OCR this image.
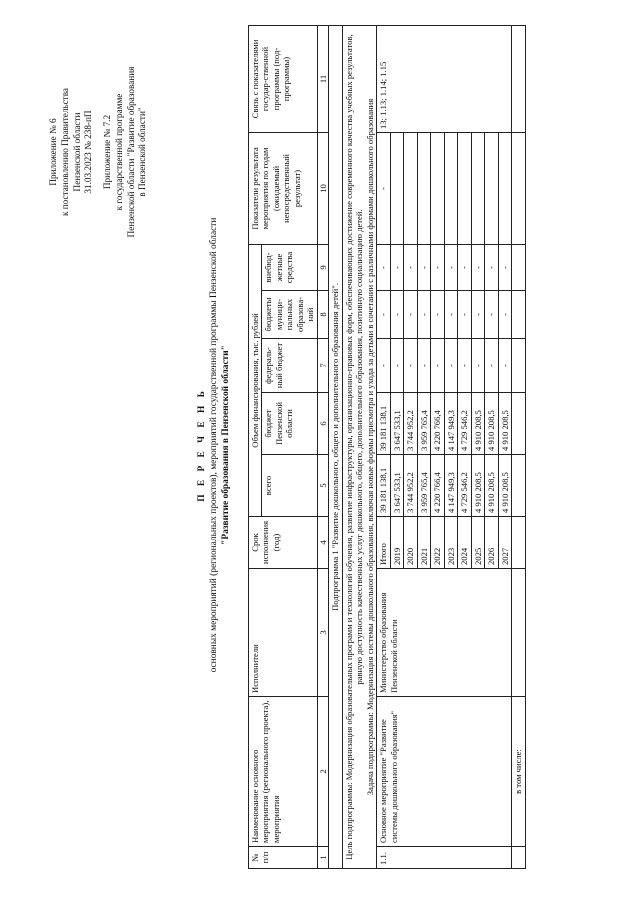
Приложение № 6 к постановлению Правительства Пензенской области 31.03.2023 № 238-пП Приложение № 7.2 к государственной программе Пензенской области "Развитие образования в Пензенской области"
П Е Р Е Ч Е Н Ь основных мероприятий (региональных проектов), мероприятий государственной программы Пензенской области "Развитие образования в Пензенской области"
№ п/п	Наименование основного мероприятия (регионального проекта), мероприятия	Исполнители	Срок исполнения (год)	Объем финансирования, тыс. рублей					Показатели результата мероприятия по годам (ожидаемый непосредственный результат)	Связь с показателями государ-ственной программы (под-программы)
				всего	бюджет Пензенской области	федераль-ный бюджет	бюджеты муници-пальных образова-ний	внебюд-жетные средства		
1	2	3	4	5	6	7	8	9	10	11
Подпрограмма 1 "Развитие дошкольного, общего и дополнительного образования детей".										

Цель подпрограммы: Модернизация образовательных программ и технологий обучения, развитие инфраструктуры, организационно-правовых форм, обеспечивающих достижение современного качества учебных результатов, равную доступность качественных услуг дошкольного, общего, дополнительного образования, позитивную социализацию детей. Задача подпрограммы: Модернизация системы дошкольного образования, включая новые формы присмотра и ухода за детьми в сочетании с различными формами дошкольного образования										

1.1.	Основное мероприятие "Развитие системы дошкольного образования"	Министерство образования Пензенской области	Итого	39 181 138,1	39 181 138,1	-	-	-	-	13; 1.13; 1.14; 1.15
			2019	3 647 533,1	3 647 533,1	-	-	-		
			2020	3 744 952,2	3 744 952,2	-	-	-		
			2021	3 959 765,4	3 959 765,4	-	-	-		
			2022	4 220 766,4	4 220 766,4	-	-	-		
			2023	4 147 949,3	4 147 949,3	-	-	-		
			2024	4 729 546,2	4 729 546,2	-	-	-		
			2025	4 910 208,5	4 910 208,5	-	-	-		
			2026	4 910 208,5	4 910 208,5	-	-	-		
			2027	4 910 208,5	4 910 208,5	-	-	-		
	в том числе:									
